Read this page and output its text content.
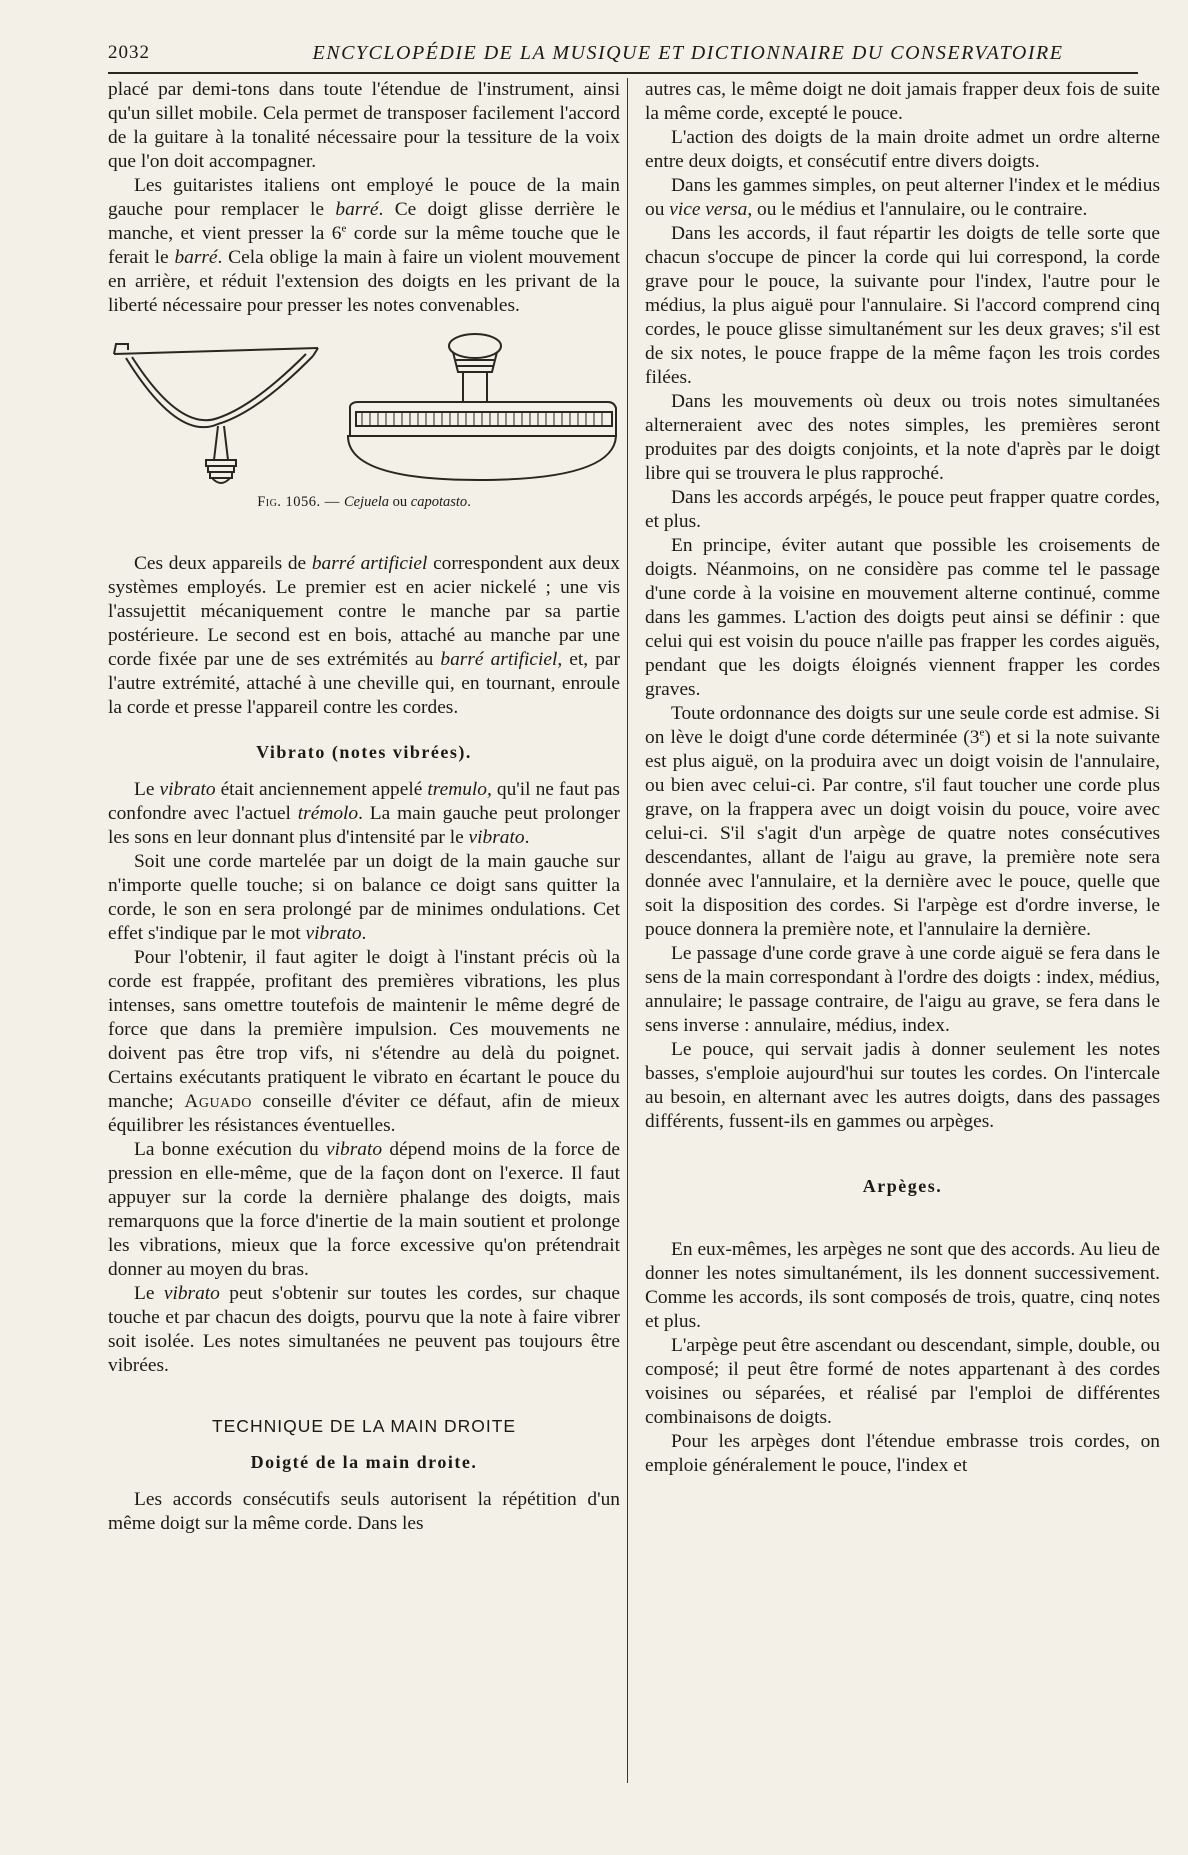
2032	ENCYCLOPÉDIE DE LA MUSIQUE ET DICTIONNAIRE DU CONSERVATOIRE

placé par demi-tons dans toute l'étendue de l'instrument, ainsi qu'un sillet mobile. Cela permet de transposer facilement l'accord de la guitare à la tonalité nécessaire pour la tessiture de la voix que l'on doit accompagner.

Les guitaristes italiens ont employé le pouce de la main gauche pour remplacer le barré. Ce doigt glisse derrière le manche, et vient presser la 6e corde sur la même touche que le ferait le barré. Cela oblige la main à faire un violent mouvement en arrière, et réduit l'extension des doigts en les privant de la liberté nécessaire pour presser les notes convenables.

Fig. 1056. — Cejuela ou capotasto.

Ces deux appareils de barré artificiel correspondent aux deux systèmes employés. Le premier est en acier nickelé ; une vis l'assujettit mécaniquement contre le manche par sa partie postérieure. Le second est en bois, attaché au manche par une corde fixée par une de ses extrémités au barré artificiel, et, par l'autre extrémité, attaché à une cheville qui, en tournant, enroule la corde et presse l'appareil contre les cordes.

Vibrato (notes vibrées).

Le vibrato était anciennement appelé tremulo, qu'il ne faut pas confondre avec l'actuel trémolo. La main gauche peut prolonger les sons en leur donnant plus d'intensité par le vibrato.

Soit une corde martelée par un doigt de la main gauche sur n'importe quelle touche; si on balance ce doigt sans quitter la corde, le son en sera prolongé par de minimes ondulations. Cet effet s'indique par le mot vibrato.

Pour l'obtenir, il faut agiter le doigt à l'instant précis où la corde est frappée, profitant des premières vibrations, les plus intenses, sans omettre toutefois de maintenir le même degré de force que dans la première impulsion. Ces mouvements ne doivent pas être trop vifs, ni s'étendre au delà du poignet. Certains exécutants pratiquent le vibrato en écartant le pouce du manche; Aguado conseille d'éviter ce défaut, afin de mieux équilibrer les résistances éventuelles.

La bonne exécution du vibrato dépend moins de la force de pression en elle-même, que de la façon dont on l'exerce. Il faut appuyer sur la corde la dernière phalange des doigts, mais remarquons que la force d'inertie de la main soutient et prolonge les vibrations, mieux que la force excessive qu'on prétendrait donner au moyen du bras.

Le vibrato peut s'obtenir sur toutes les cordes, sur chaque touche et par chacun des doigts, pourvu que la note à faire vibrer soit isolée. Les notes simultanées ne peuvent pas toujours être vibrées.

TECHNIQUE DE LA MAIN DROITE
Doigté de la main droite.

Les accords consécutifs seuls autorisent la répétition d'un même doigt sur la même corde. Dans les

autres cas, le même doigt ne doit jamais frapper deux fois de suite la même corde, excepté le pouce.

L'action des doigts de la main droite admet un ordre alterne entre deux doigts, et consécutif entre divers doigts.

Dans les gammes simples, on peut alterner l'index et le médius ou vice versa, ou le médius et l'annulaire, ou le contraire.

Dans les accords, il faut répartir les doigts de telle sorte que chacun s'occupe de pincer la corde qui lui correspond, la corde grave pour le pouce, la suivante pour l'index, l'autre pour le médius, la plus aiguë pour l'annulaire. Si l'accord comprend cinq cordes, le pouce glisse simultanément sur les deux graves; s'il est de six notes, le pouce frappe de la même façon les trois cordes filées.

Dans les mouvements où deux ou trois notes simultanées alterneraient avec des notes simples, les premières seront produites par des doigts conjoints, et la note d'après par le doigt libre qui se trouvera le plus rapproché.

Dans les accords arpégés, le pouce peut frapper quatre cordes, et plus.

En principe, éviter autant que possible les croisements de doigts. Néanmoins, on ne considère pas comme tel le passage d'une corde à la voisine en mouvement alterne continué, comme dans les gammes. L'action des doigts peut ainsi se définir : que celui qui est voisin du pouce n'aille pas frapper les cordes aiguës, pendant que les doigts éloignés viennent frapper les cordes graves.

Toute ordonnance des doigts sur une seule corde est admise. Si on lève le doigt d'une corde déterminée (3e) et si la note suivante est plus aiguë, on la produira avec un doigt voisin de l'annulaire, ou bien avec celui-ci. Par contre, s'il faut toucher une corde plus grave, on la frappera avec un doigt voisin du pouce, voire avec celui-ci. S'il s'agit d'un arpège de quatre notes consécutives descendantes, allant de l'aigu au grave, la première note sera donnée avec l'annulaire, et la dernière avec le pouce, quelle que soit la disposition des cordes. Si l'arpège est d'ordre inverse, le pouce donnera la première note, et l'annulaire la dernière.

Le passage d'une corde grave à une corde aiguë se fera dans le sens de la main correspondant à l'ordre des doigts : index, médius, annulaire; le passage contraire, de l'aigu au grave, se fera dans le sens inverse : annulaire, médius, index.

Le pouce, qui servait jadis à donner seulement les notes basses, s'emploie aujourd'hui sur toutes les cordes. On l'intercale au besoin, en alternant avec les autres doigts, dans des passages différents, fussent-ils en gammes ou arpèges.

Arpèges.

En eux-mêmes, les arpèges ne sont que des accords. Au lieu de donner les notes simultanément, ils les donnent successivement. Comme les accords, ils sont composés de trois, quatre, cinq notes et plus.

L'arpège peut être ascendant ou descendant, simple, double, ou composé; il peut être formé de notes appartenant à des cordes voisines ou séparées, et réalisé par l'emploi de différentes combinaisons de doigts.

Pour les arpèges dont l'étendue embrasse trois cordes, on emploie généralement le pouce, l'index et
